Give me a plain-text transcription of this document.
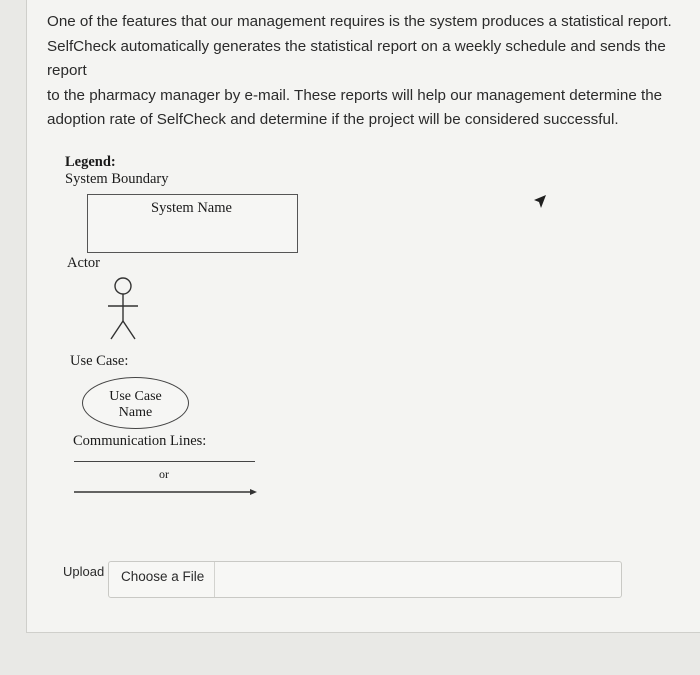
One of the features that our management requires is the system produces a statistical report.
SelfCheck automatically generates the statistical report on a weekly schedule and sends the report
to the pharmacy manager by e-mail. These reports will help our management determine the
adoption rate of SelfCheck and determine if the project will be considered successful.
Legend:
System Boundary
System Name
Actor
Use Case:
Use Case
Name
Communication Lines:
or
Upload	Choose a File
